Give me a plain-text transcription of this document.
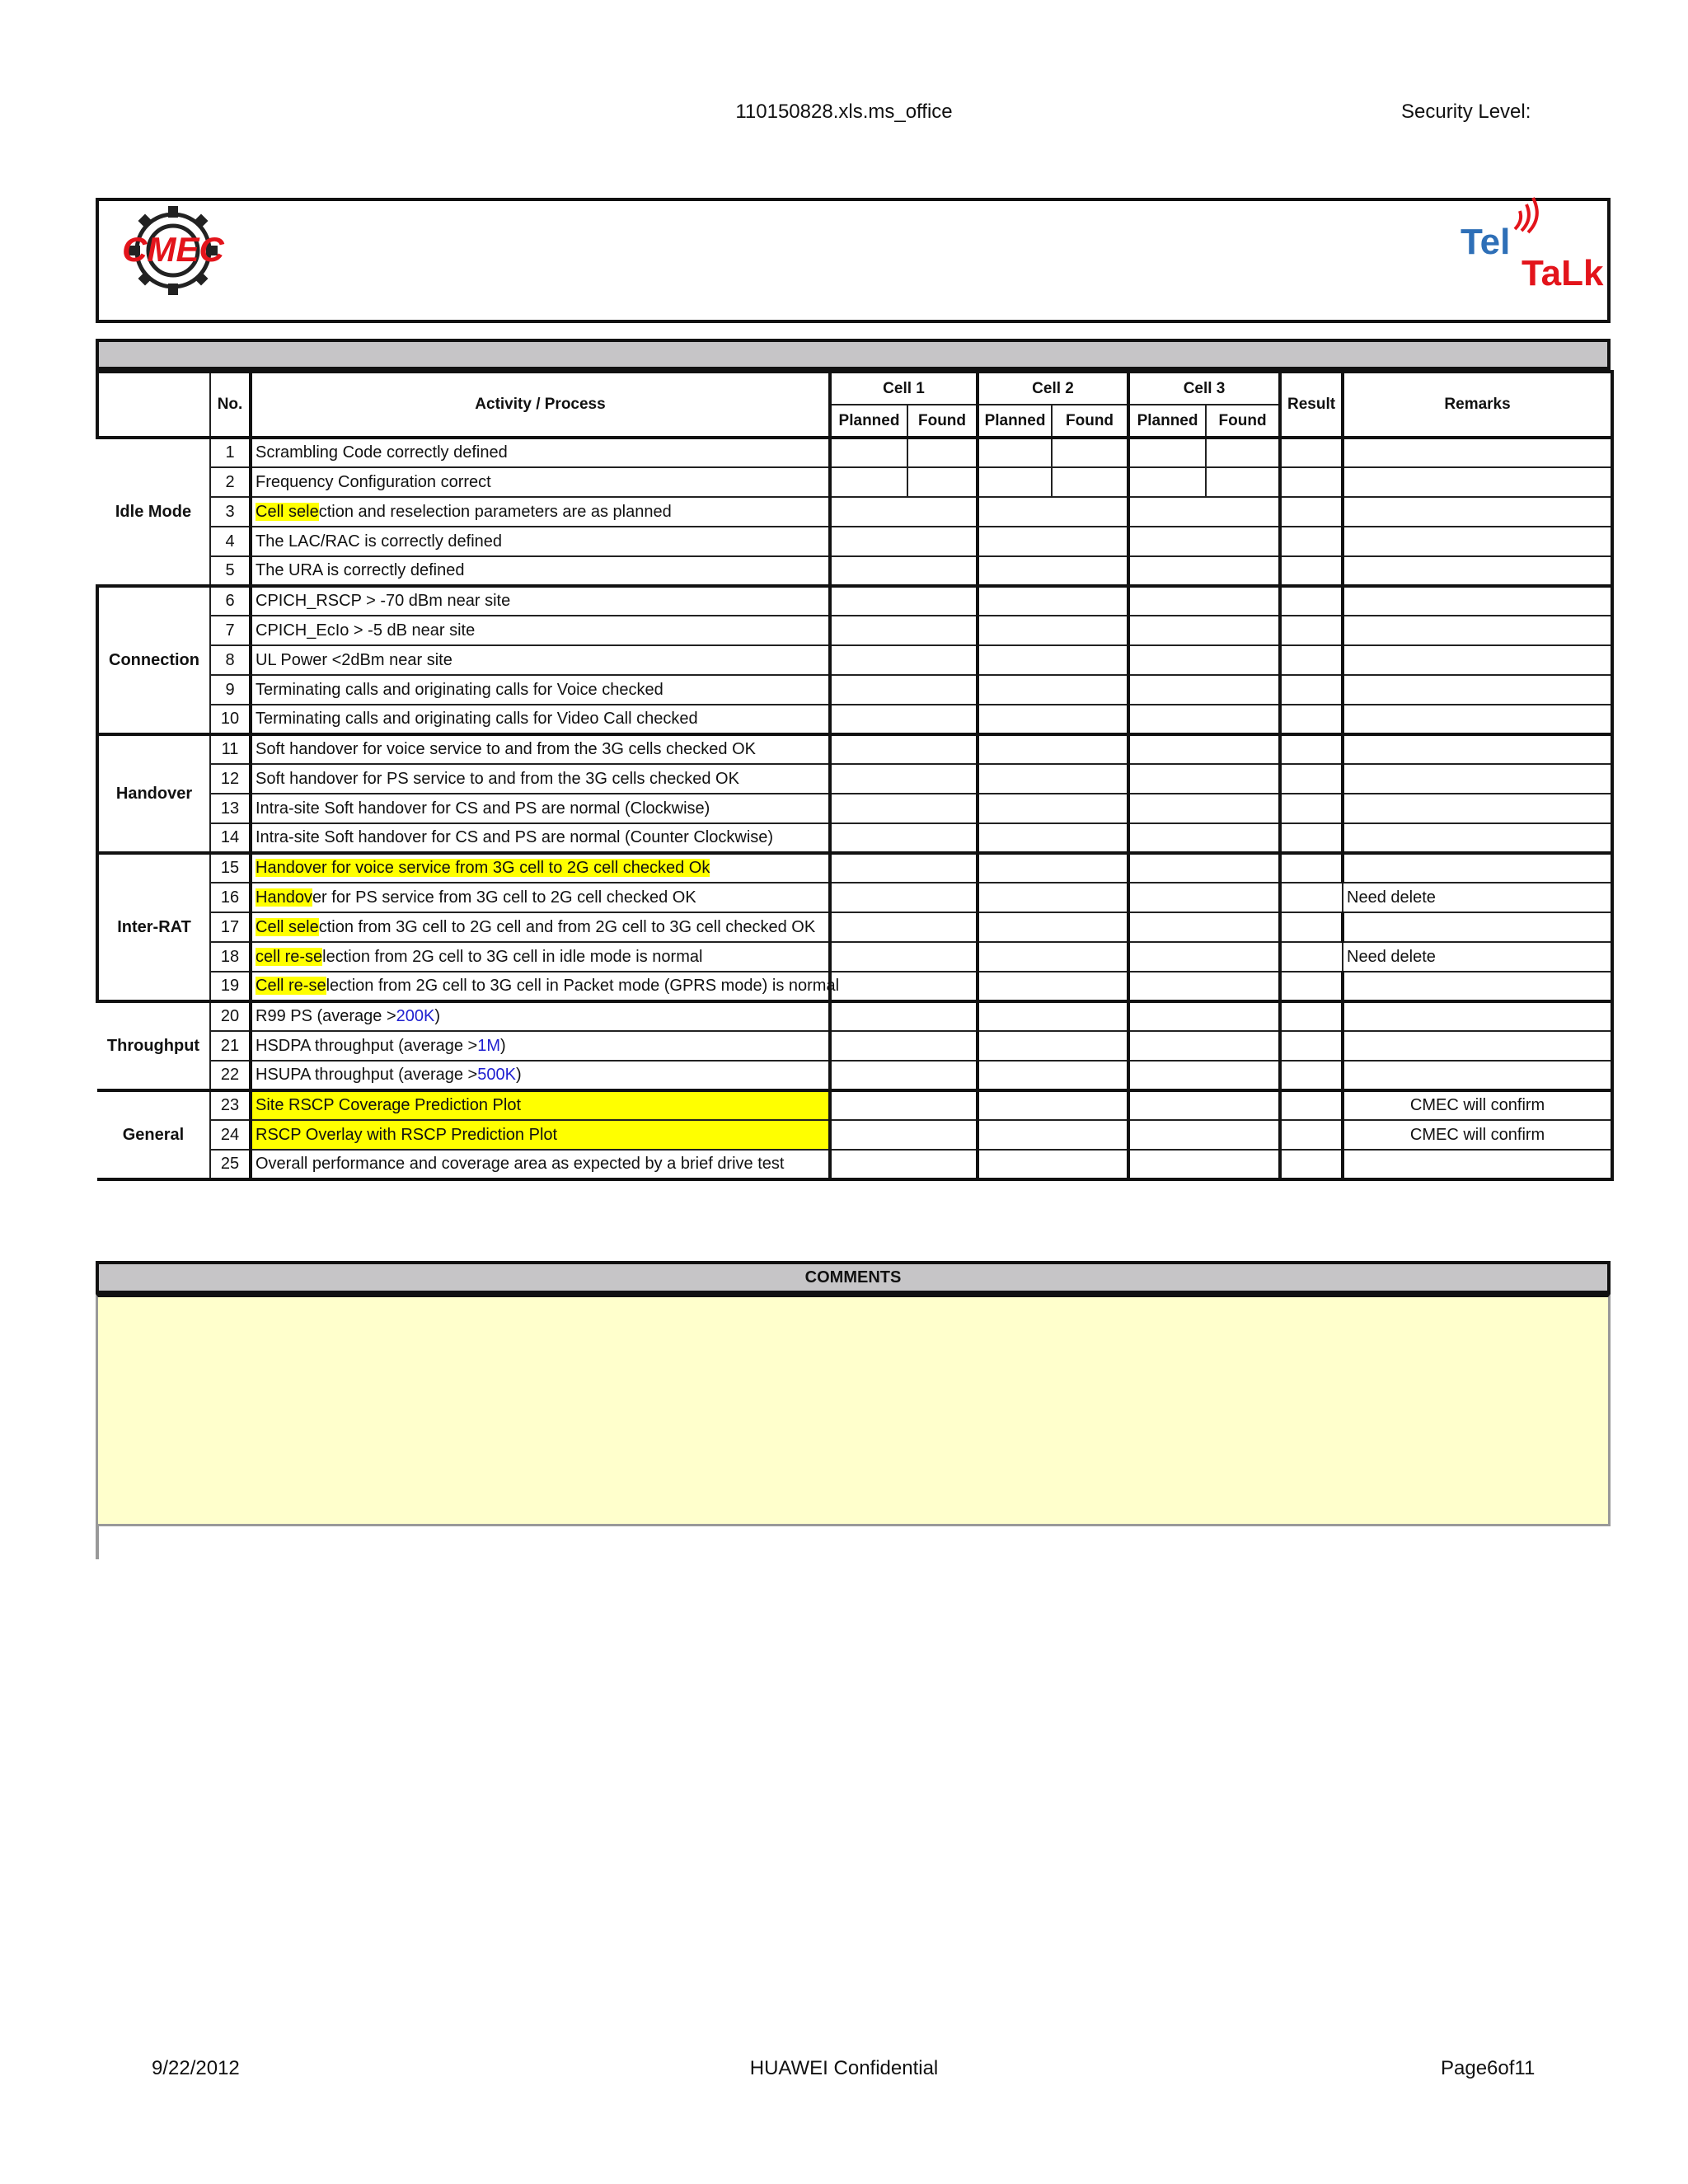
110150828.xls.ms_office	Security Level:
CMEC	Tel
TaLk
	No.	Activity / Process	Cell 1		Cell 2		Cell 3		Result	Remarks
			Planned	Found	Planned	Found	Planned	Found		
Idle Mode	1	Scrambling Code correctly defined								
	2	Frequency Configuration correct								
	3	Cell selection and reselection parameters are as planned								
	4	The LAC/RAC is correctly defined								
	5	The URA is correctly defined								
Connection	6	CPICH_RSCP > -70 dBm near site								
	7	CPICH_EcIo > -5 dB near site								
	8	UL Power <2dBm near site								
	9	Terminating calls and originating calls for Voice checked								
	10	Terminating calls and originating calls for Video Call checked								
Handover	11	Soft handover for voice service to and from the 3G cells checked OK								
	12	Soft handover for PS service to and from the 3G cells checked OK								
	13	Intra-site Soft handover for CS and PS are normal (Clockwise)								
	14	Intra-site Soft handover for CS and PS are normal (Counter Clockwise)								
Inter-RAT	15	Handover for voice service from 3G cell to 2G cell checked Ok								
	16	Handover for PS service from 3G cell to 2G cell checked OK								Need delete
	17	Cell selection from 3G cell to 2G cell and from 2G cell to 3G cell checked OK								
	18	cell re-selection from 2G cell to 3G cell in idle mode is normal								Need delete
	19	Cell re-selection from 2G cell to 3G cell in Packet mode (GPRS mode) is normal								
Throughput	20	R99 PS (average >200K)								
	21	HSDPA throughput (average >1M)								
	22	HSUPA throughput (average >500K)								
General	23	Site RSCP Coverage Prediction Plot								CMEC will confirm
	24	RSCP Overlay with RSCP Prediction Plot								CMEC will confirm
	25	Overall performance and coverage area as expected by a brief drive test								
COMMENTS
9/22/2012	HUAWEI Confidential	Page6of11
